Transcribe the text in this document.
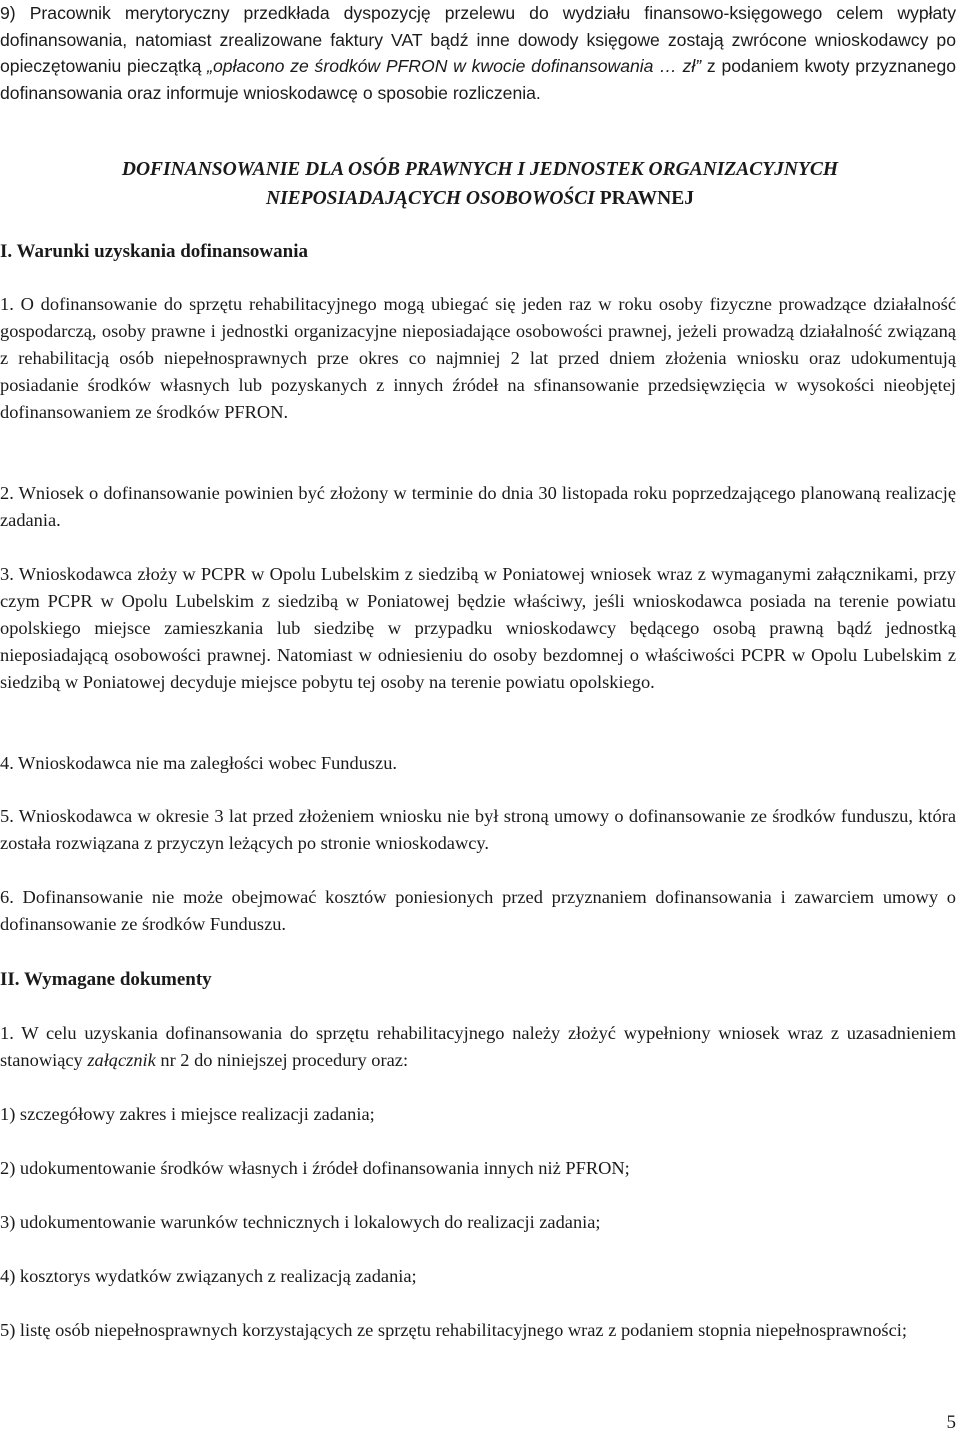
9) Pracownik merytoryczny przedkłada dyspozycję przelewu do wydziału finansowo-księgowego celem wypłaty dofinansowania, natomiast zrealizowane faktury VAT bądź inne dowody księgowe zostają zwrócone wnioskodawcy po opieczętowaniu pieczątką „opłacono ze środków PFRON w kwocie dofinansowania … zł” z podaniem kwoty przyznanego dofinansowania oraz informuje wnioskodawcę o sposobie rozliczenia.

DOFINANSOWANIE DLA OSÓB PRAWNYCH I JEDNOSTEK ORGANIZACYJNYCH

NIEPOSIADAJĄCYCH OSOBOWOŚCI PRAWNEJ

I. Warunki uzyskania dofinansowania

1. O dofinansowanie do sprzętu rehabilitacyjnego mogą ubiegać się jeden raz w roku osoby fizyczne prowadzące działalność gospodarczą, osoby prawne i jednostki organizacyjne nieposiadające osobowości prawnej, jeżeli prowadzą działalność związaną z rehabilitacją osób niepełnosprawnych prze okres co najmniej 2 lat przed dniem złożenia wniosku oraz udokumentują posiadanie środków własnych lub pozyskanych z innych źródeł na sfinansowanie przedsięwzięcia w wysokości nieobjętej dofinansowaniem ze środków PFRON.

2. Wniosek o dofinansowanie powinien być złożony w terminie do dnia 30 listopada roku poprzedzającego planowaną realizację zadania.

3. Wnioskodawca złoży w PCPR w Opolu Lubelskim z siedzibą w Poniatowej wniosek wraz z wymaganymi załącznikami, przy czym PCPR w Opolu Lubelskim z siedzibą w Poniatowej będzie właściwy, jeśli wnioskodawca posiada na terenie powiatu opolskiego miejsce zamieszkania lub siedzibę w przypadku wnioskodawcy będącego osobą prawną bądź jednostką nieposiadającą osobowości prawnej. Natomiast w odniesieniu do osoby bezdomnej o właściwości PCPR w Opolu Lubelskim z siedzibą w Poniatowej decyduje miejsce pobytu tej osoby na terenie powiatu opolskiego.

4. Wnioskodawca nie ma zaległości wobec Funduszu.

5. Wnioskodawca w okresie 3 lat przed złożeniem wniosku nie był stroną umowy o dofinansowanie ze środków funduszu, która została rozwiązana z przyczyn leżących po stronie wnioskodawcy.

6. Dofinansowanie nie może obejmować kosztów poniesionych przed przyznaniem dofinansowania i zawarciem umowy o dofinansowanie ze środków Funduszu.

II. Wymagane dokumenty

1. W celu uzyskania dofinansowania do sprzętu rehabilitacyjnego należy złożyć wypełniony wniosek wraz z uzasadnieniem stanowiący załącznik nr 2 do niniejszej procedury oraz:

1) szczegółowy zakres i miejsce realizacji zadania;

2) udokumentowanie środków własnych i źródeł dofinansowania innych niż PFRON;

3) udokumentowanie warunków technicznych i lokalowych do realizacji zadania;

4) kosztorys wydatków związanych z realizacją zadania;

5) listę osób niepełnosprawnych korzystających ze sprzętu rehabilitacyjnego wraz z podaniem stopnia niepełnosprawności;

5
